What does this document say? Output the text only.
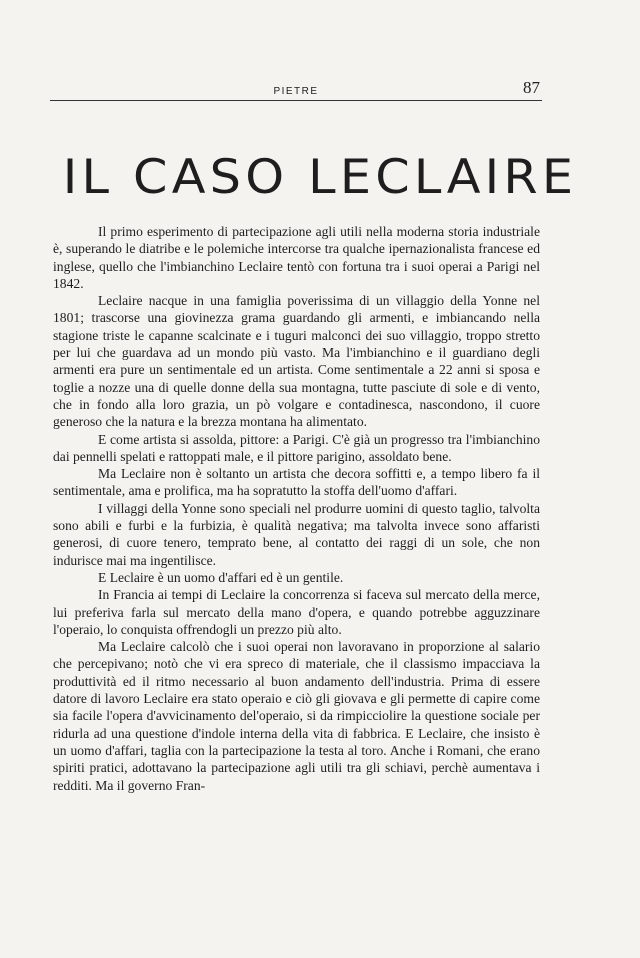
PIETRE	87
IL CASO LECLAIRE

Il primo esperimento di partecipazione agli utili nella moderna storia industriale è, superando le diatribe e le polemiche intercorse tra qualche ipernazionalista francese ed inglese, quello che l'imbianchino Leclaire tentò con fortuna tra i suoi operai a Parigi nel 1842.

Leclaire nacque in una famiglia poverissima di un villaggio della Yonne nel 1801; trascorse una giovinezza grama guardando gli armenti, e imbiancando nella stagione triste le capanne scalcinate e i tuguri malconci dei suo villaggio, troppo stretto per lui che guardava ad un mondo più vasto. Ma l'imbianchino e il guardiano degli armenti era pure un sentimentale ed un artista. Come sentimentale a 22 anni si sposa e toglie a nozze una di quelle donne della sua montagna, tutte pasciute di sole e di vento, che in fondo alla loro grazia, un pò volgare e contadinesca, nascondono, il cuore generoso che la natura e la brezza montana ha alimentato.

E come artista si assolda, pittore: a Parigi. C'è già un progresso tra l'imbianchino dai pennelli spelati e rattoppati male, e il pittore parigino, assoldato bene.

Ma Leclaire non è soltanto un artista che decora soffitti e, a tempo libero fa il sentimentale, ama e prolifica, ma ha sopratutto la stoffa dell'uomo d'affari.

I villaggi della Yonne sono speciali nel produrre uomini di questo taglio, talvolta sono abili e furbi e la furbizia, è qualità negativa; ma talvolta invece sono affaristi generosi, di cuore tenero, temprato bene, al contatto dei raggi di un sole, che non indurisce mai ma ingentilisce.

E Leclaire è un uomo d'affari ed è un gentile.

In Francia ai tempi di Leclaire la concorrenza si faceva sul mercato della merce, lui preferiva farla sul mercato della mano d'opera, e quando potrebbe agguzzinare l'operaio, lo conquista offrendogli un prezzo più alto.

Ma Leclaire calcolò che i suoi operai non lavoravano in proporzione al salario che percepivano; notò che vi era spreco di materiale, che il classismo impacciava la produttività ed il ritmo necessario al buon andamento dell'industria. Prima di essere datore di lavoro Leclaire era stato operaio e ciò gli giovava e gli permette di capire come sia facile l'opera d'avvicinamento del'operaio, si da rimpicciolire la questione sociale per ridurla ad una questione d'indole interna della vita di fabbrica. E Leclaire, che insisto è un uomo d'affari, taglia con la partecipazione la testa al toro. Anche i Romani, che erano spiriti pratici, adottavano la partecipazione agli utili tra gli schiavi, perchè aumentava i redditi. Ma il governo Fran-
